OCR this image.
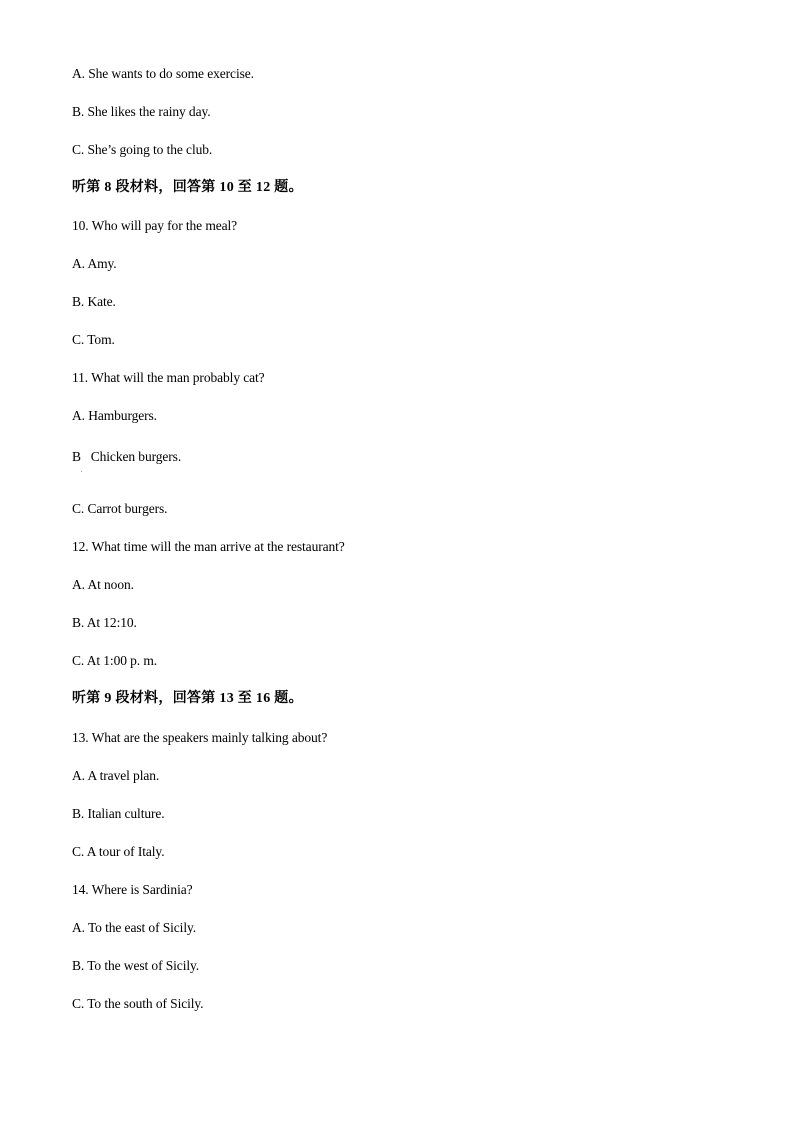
A. She wants to do some exercise.
B. She likes the rainy day.
C. She’s going to the club.
听第 8 段材料，回答第 10 至 12 题。
10. Who will pay for the meal?
A. Amy.
B. Kate.
C. Tom.
11. What will the man probably cat?
A. Hamburgers.
B   Chicken burgers.
.
C. Carrot burgers.
12. What time will the man arrive at the restaurant?
A. At noon.
B. At 12:10.
C. At 1:00 p. m.
听第 9 段材料，回答第 13 至 16 题。
13. What are the speakers mainly talking about?
A. A travel plan.
B. Italian culture.
C. A tour of Italy.
14. Where is Sardinia?
A. To the east of Sicily.
B. To the west of Sicily.
C. To the south of Sicily.
